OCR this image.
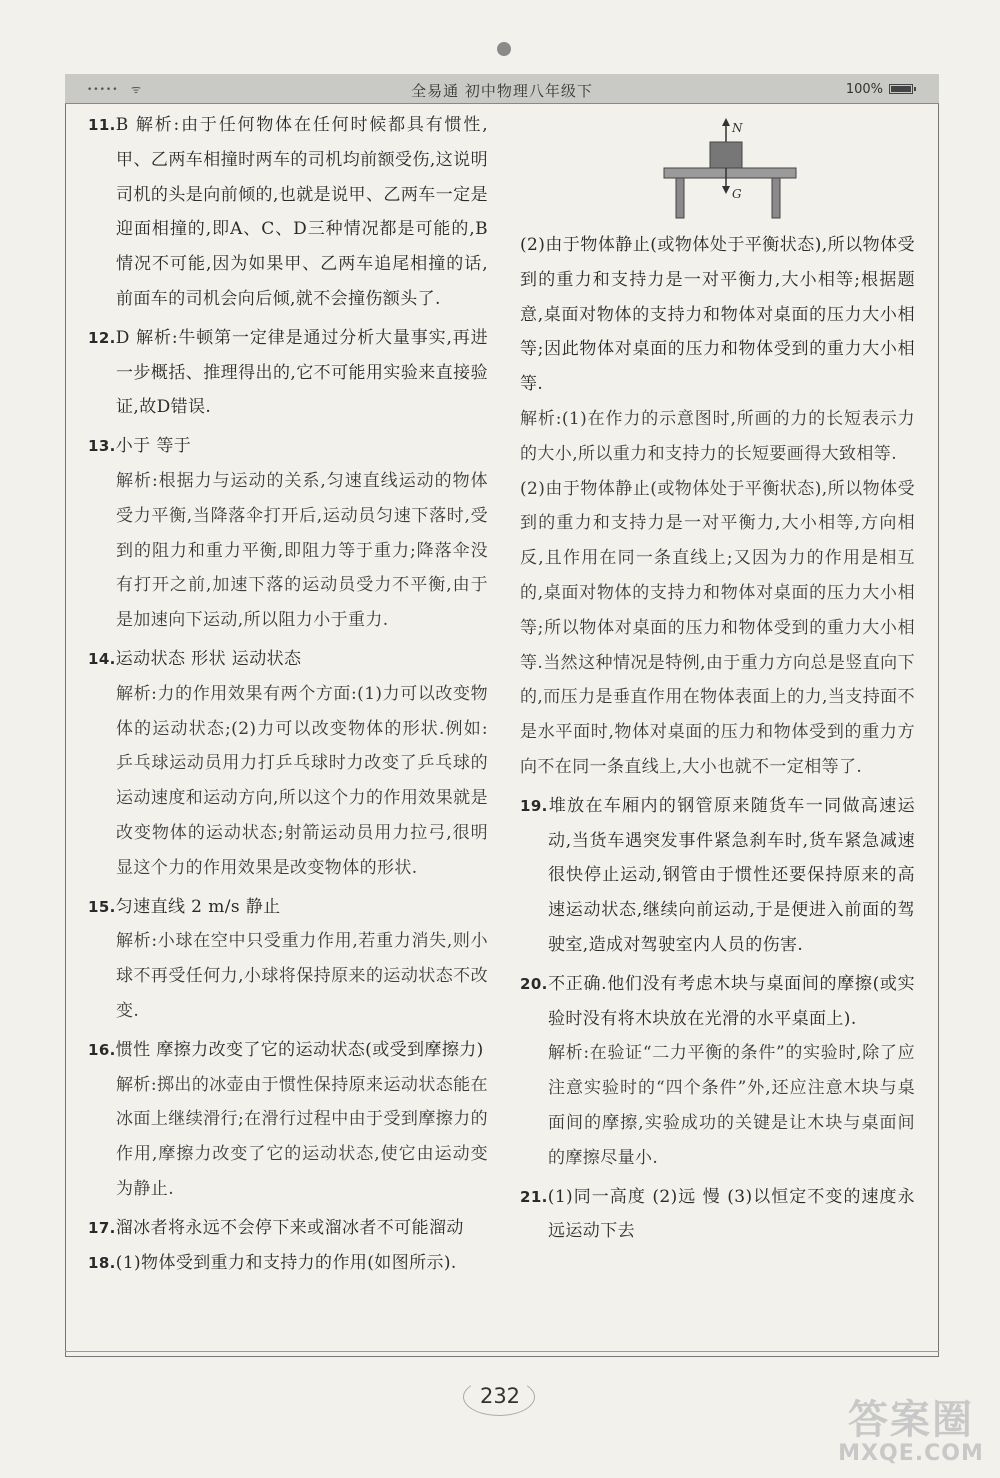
••••• ᯤ	全易通 初中物理八年级下	100%
11.B 解析:由于任何物体在任何时候都具有惯性,甲、乙两车相撞时两车的司机均前额受伤,这说明司机的头是向前倾的,也就是说甲、乙两车一定是迎面相撞的,即A、C、D三种情况都是可能的,B情况不可能,因为如果甲、乙两车追尾相撞的话,前面车的司机会向后倾,就不会撞伤额头了.
12.D 解析:牛顿第一定律是通过分析大量事实,再进一步概括、推理得出的,它不可能用实验来直接验证,故D错误.
13.小于 等于
解析:根据力与运动的关系,匀速直线运动的物体受力平衡,当降落伞打开后,运动员匀速下落时,受到的阻力和重力平衡,即阻力等于重力;降落伞没有打开之前,加速下落的运动员受力不平衡,由于是加速向下运动,所以阻力小于重力.
14.运动状态 形状 运动状态
解析:力的作用效果有两个方面:(1)力可以改变物体的运动状态;(2)力可以改变物体的形状.例如:乒乓球运动员用力打乒乓球时力改变了乒乓球的运动速度和运动方向,所以这个力的作用效果就是改变物体的运动状态;射箭运动员用力拉弓,很明显这个力的作用效果是改变物体的形状.
15.匀速直线 2 m/s 静止
解析:小球在空中只受重力作用,若重力消失,则小球不再受任何力,小球将保持原来的运动状态不改变.
16.惯性 摩擦力改变了它的运动状态(或受到摩擦力)
解析:掷出的冰壶由于惯性保持原来运动状态能在冰面上继续滑行;在滑行过程中由于受到摩擦力的作用,摩擦力改变了它的运动状态,使它由运动变为静止.
17.溜冰者将永远不会停下来或溜冰者不可能溜动
18.(1)物体受到重力和支持力的作用(如图所示).
N
G
(2)由于物体静止(或物体处于平衡状态),所以物体受到的重力和支持力是一对平衡力,大小相等;根据题意,桌面对物体的支持力和物体对桌面的压力大小相等;因此物体对桌面的压力和物体受到的重力大小相等.
解析:(1)在作力的示意图时,所画的力的长短表示力的大小,所以重力和支持力的长短要画得大致相等.
(2)由于物体静止(或物体处于平衡状态),所以物体受到的重力和支持力是一对平衡力,大小相等,方向相反,且作用在同一条直线上;又因为力的作用是相互的,桌面对物体的支持力和物体对桌面的压力大小相等;所以物体对桌面的压力和物体受到的重力大小相等.当然这种情况是特例,由于重力方向总是竖直向下的,而压力是垂直作用在物体表面上的力,当支持面不是水平面时,物体对桌面的压力和物体受到的重力方向不在同一条直线上,大小也就不一定相等了.
19.堆放在车厢内的钢管原来随货车一同做高速运动,当货车遇突发事件紧急刹车时,货车紧急减速很快停止运动,钢管由于惯性还要保持原来的高速运动状态,继续向前运动,于是便进入前面的驾驶室,造成对驾驶室内人员的伤害.
20.不正确.他们没有考虑木块与桌面间的摩擦(或实验时没有将木块放在光滑的水平桌面上).
解析:在验证“二力平衡的条件”的实验时,除了应注意实验时的“四个条件”外,还应注意木块与桌面间的摩擦,实验成功的关键是让木块与桌面间的摩擦尽量小.
21.(1)同一高度 (2)远 慢 (3)以恒定不变的速度永远运动下去
232
答案圈
MXQE.COM
